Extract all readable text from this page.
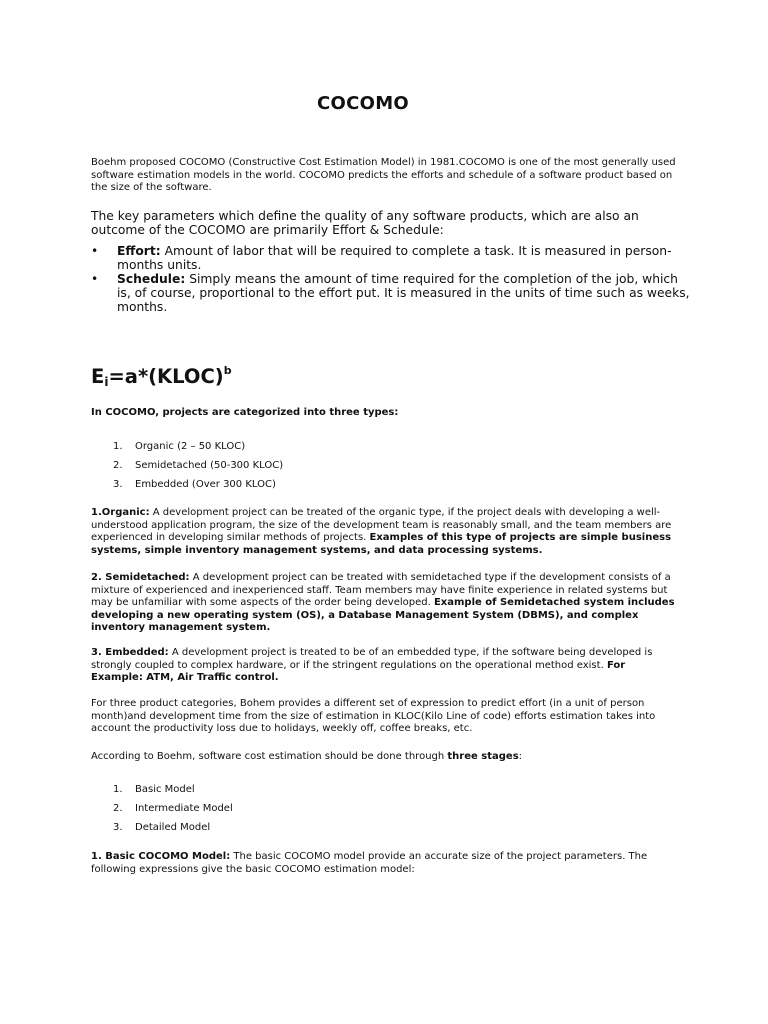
COCOMO

Boehm proposed COCOMO (Constructive Cost Estimation Model) in 1981.COCOMO is one of the most generally used software estimation models in the world. COCOMO predicts the efforts and schedule of a software product based on the size of the software.

The key parameters which define the quality of any software products, which are also an outcome of the COCOMO are primarily Effort & Schedule:

• Effort: Amount of labor that will be required to complete a task. It is measured in person-months units.
• Schedule: Simply means the amount of time required for the completion of the job, which is, of course, proportional to the effort put. It is measured in the units of time such as weeks, months.
$E_i=a*(KLOC)^b$

In COCOMO, projects are categorized into three types:

1. Organic (2 – 50 KLOC)
2. Semidetached (50-300 KLOC)
3. Embedded (Over 300 KLOC)

1.Organic: A development project can be treated of the organic type, if the project deals with developing a well-understood application program, the size of the development team is reasonably small, and the team members are experienced in developing similar methods of projects. Examples of this type of projects are simple business systems, simple inventory management systems, and data processing systems.

2. Semidetached: A development project can be treated with semidetached type if the development consists of a mixture of experienced and inexperienced staff. Team members may have finite experience in related systems but may be unfamiliar with some aspects of the order being developed. Example of Semidetached system includes developing a new operating system (OS), a Database Management System (DBMS), and complex inventory management system.

3. Embedded: A development project is treated to be of an embedded type, if the software being developed is strongly coupled to complex hardware, or if the stringent regulations on the operational method exist. For Example: ATM, Air Traffic control.

For three product categories, Bohem provides a different set of expression to predict effort (in a unit of person month)and development time from the size of estimation in KLOC(Kilo Line of code) efforts estimation takes into account the productivity loss due to holidays, weekly off, coffee breaks, etc.

According to Boehm, software cost estimation should be done through three stages:

1. Basic Model
2. Intermediate Model
3. Detailed Model

1. Basic COCOMO Model: The basic COCOMO model provide an accurate size of the project parameters. The following expressions give the basic COCOMO estimation model:
